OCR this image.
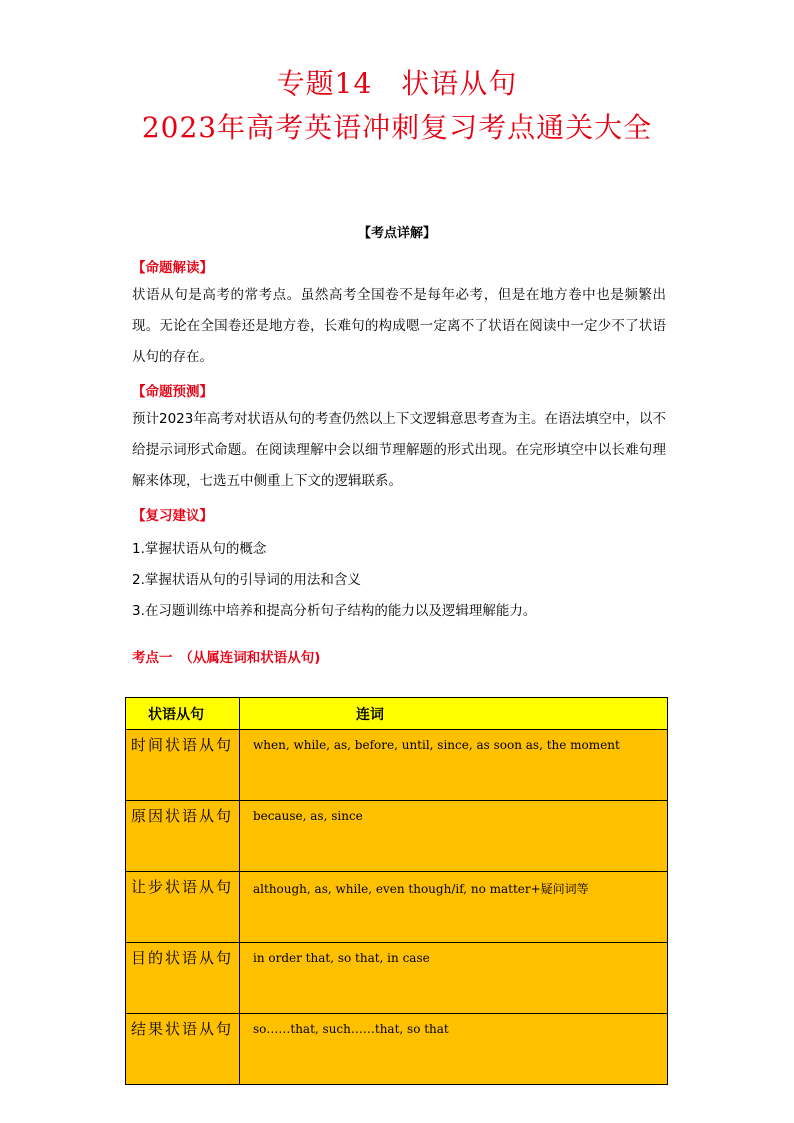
专题14　状语从句
2023年高考英语冲刺复习考点通关大全
【考点详解】
【命题解读】
状语从句是高考的常考点。虽然高考全国卷不是每年必考，但是在地方卷中也是频繁出现。无论在全国卷还是地方卷，长难句的构成嗯一定离不了状语在阅读中一定少不了状语从句的存在。
【命题预测】
预计2023年高考对状语从句的考查仍然以上下文逻辑意思考查为主。在语法填空中，以不给提示词形式命题。在阅读理解中会以细节理解题的形式出现。在完形填空中以长难句理解来体现，七选五中侧重上下文的逻辑联系。
【复习建议】
1.掌握状语从句的概念
2.掌握状语从句的引导词的用法和含义
3.在习题训练中培养和提高分析句子结构的能力以及逻辑理解能力。
考点一　（从属连词和状语从句)
状语从句	连词
时间状语从句	when, while, as, before, until, since, as soon as, the moment
原因状语从句	because, as, since
让步状语从句	although, as, while, even though/if, no matter+疑问词等
目的状语从句	in order that, so that, in case
结果状语从句	so……that, such……that, so that
